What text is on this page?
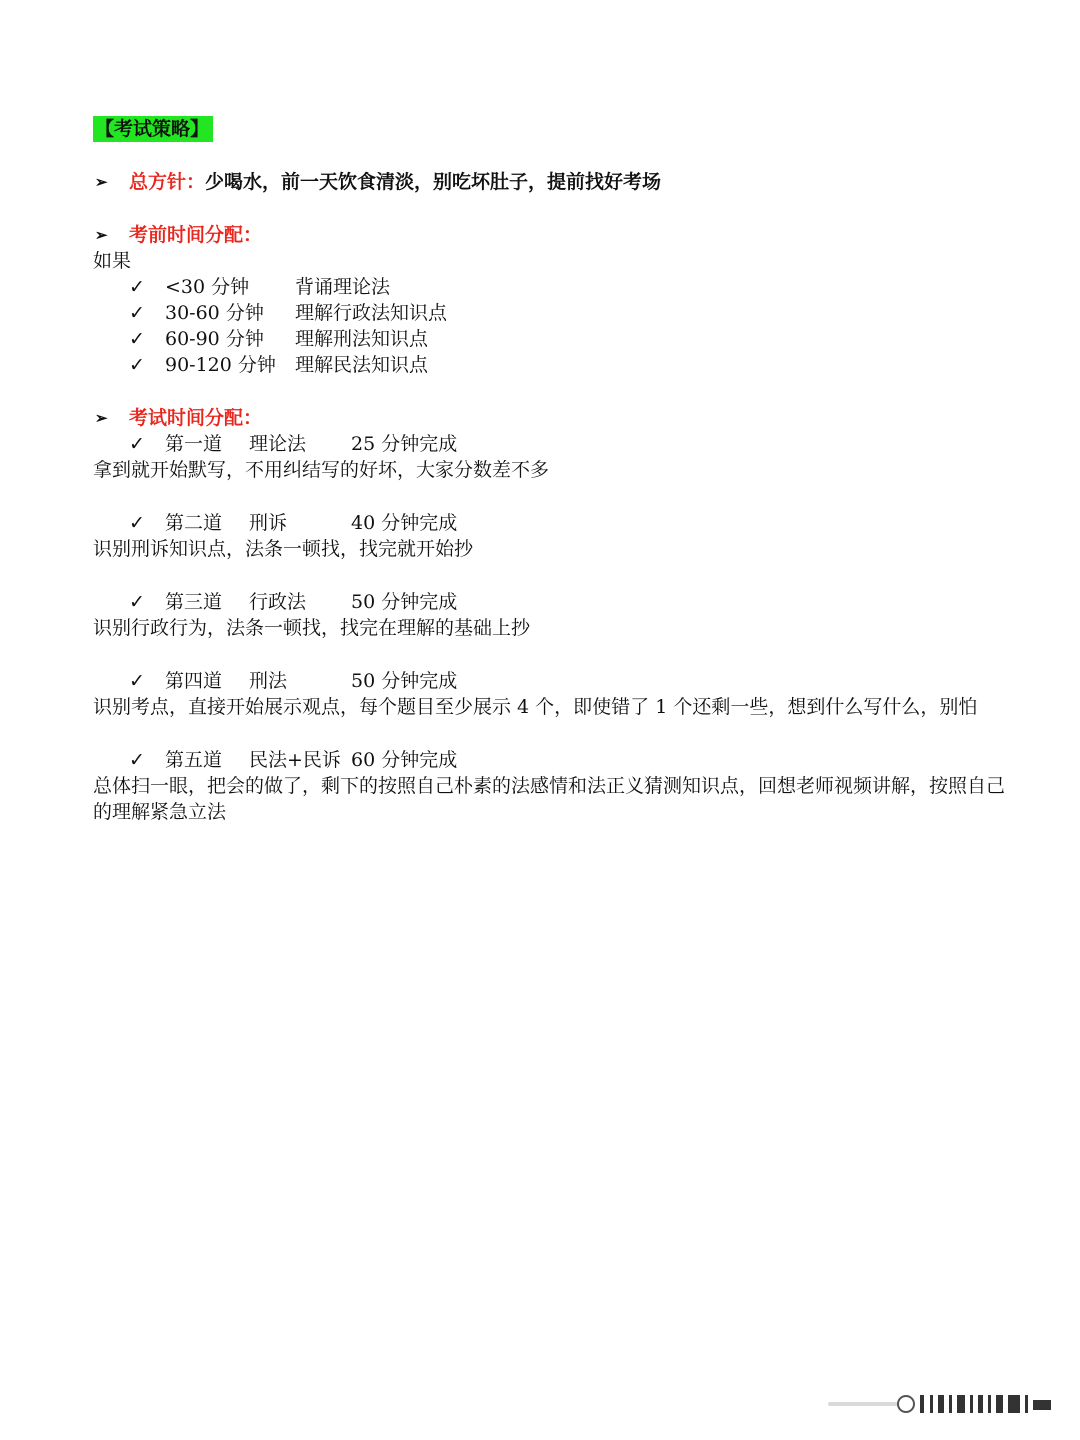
【考试策略】
➢ 总方针：少喝水，前一天饮食清淡，别吃坏肚子，提前找好考场
➢ 考前时间分配：
如果
✓ <30 分钟 背诵理论法
✓ 30-60 分钟 理解行政法知识点
✓ 60-90 分钟 理解刑法知识点
✓ 90-120 分钟 理解民法知识点
➢ 考试时间分配：
✓ 第一道 理论法 25 分钟完成
拿到就开始默写，不用纠结写的好坏，大家分数差不多
✓ 第二道 刑诉	40 分钟完成
识别刑诉知识点，法条一顿找，找完就开始抄
✓ 第三道 行政法 50 分钟完成
识别行政行为，法条一顿找，找完在理解的基础上抄
✓ 第四道 刑法	50 分钟完成
识别考点，直接开始展示观点，每个题目至少展示 4 个，即使错了 1 个还剩一些，想到什么写什么，别怕
✓ 第五道 民法+民诉 60 分钟完成
总体扫一眼，把会的做了，剩下的按照自己朴素的法感情和法正义猜测知识点，回想老师视频讲解，按照自己的理解紧急立法
